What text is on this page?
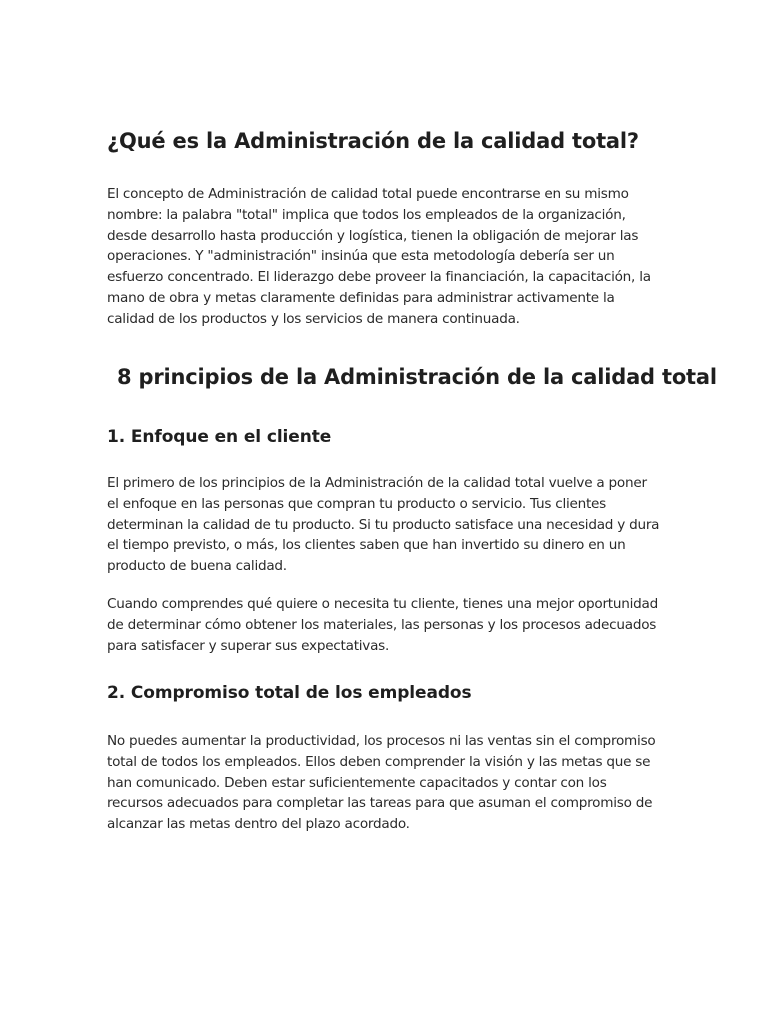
¿Qué es la Administración de la calidad total?

El concepto de Administración de calidad total puede encontrarse en su mismo nombre: la palabra "total" implica que todos los empleados de la organización, desde desarrollo hasta producción y logística, tienen la obligación de mejorar las operaciones. Y "administración" insinúa que esta metodología debería ser un esfuerzo concentrado. El liderazgo debe proveer la financiación, la capacitación, la mano de obra y metas claramente definidas para administrar activamente la calidad de los productos y los servicios de manera continuada.

8 principios de la Administración de la calidad total
1. Enfoque en el cliente

El primero de los principios de la Administración de la calidad total vuelve a poner el enfoque en las personas que compran tu producto o servicio. Tus clientes determinan la calidad de tu producto. Si tu producto satisface una necesidad y dura el tiempo previsto, o más, los clientes saben que han invertido su dinero en un producto de buena calidad.

Cuando comprendes qué quiere o necesita tu cliente, tienes una mejor oportunidad de determinar cómo obtener los materiales, las personas y los procesos adecuados para satisfacer y superar sus expectativas.

2. Compromiso total de los empleados

No puedes aumentar la productividad, los procesos ni las ventas sin el compromiso total de todos los empleados. Ellos deben comprender la visión y las metas que se han comunicado. Deben estar suficientemente capacitados y contar con los recursos adecuados para completar las tareas para que asuman el compromiso de alcanzar las metas dentro del plazo acordado.
